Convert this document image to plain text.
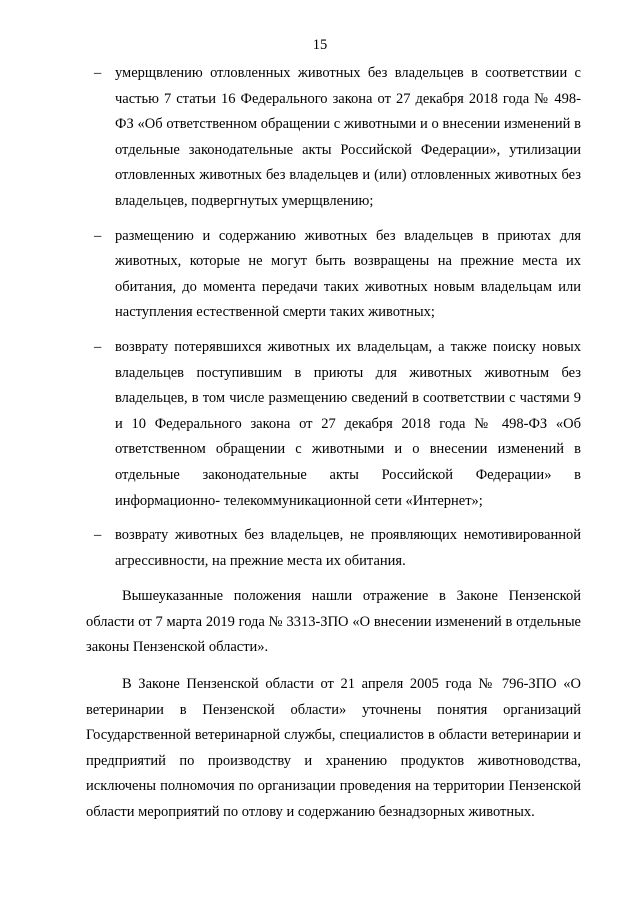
15
– умерщвлению отловленных животных без владельцев в соответствии с частью 7 статьи 16 Федерального закона от 27 декабря 2018 года № 498-ФЗ «Об ответственном обращении с животными и о внесении изменений в отдельные законодательные акты Российской Федерации», утилизации отловленных животных без владельцев и (или) отловленных животных без владельцев, подвергнутых умерщвлению;
– размещению и содержанию животных без владельцев в приютах для животных, которые не могут быть возвращены на прежние места их обитания, до момента передачи таких животных новым владельцам или наступления естественной смерти таких животных;
– возврату потерявшихся животных их владельцам, а также поиску новых владельцев поступившим в приюты для животных животным без владельцев, в том числе размещению сведений в соответствии с частями 9 и 10 Федерального закона от 27 декабря 2018 года № 498-ФЗ «Об ответственном обращении с животными и о внесении изменений в отдельные законодательные акты Российской Федерации» в информационно- телекоммуникационной сети «Интернет»;
– возврату животных без владельцев, не проявляющих немотивированной агрессивности, на прежние места их обитания.

Вышеуказанные положения нашли отражение в Законе Пензенской области от 7 марта 2019 года № 3313-ЗПО «О внесении изменений в отдельные законы Пензенской области».

В Законе Пензенской области от 21 апреля 2005 года № 796-ЗПО «О ветеринарии в Пензенской области» уточнены понятия организаций Государственной ветеринарной службы, специалистов в области ветеринарии и предприятий по производству и хранению продуктов животноводства, исключены полномочия по организации проведения на территории Пензенской области мероприятий по отлову и содержанию безнадзорных животных.
